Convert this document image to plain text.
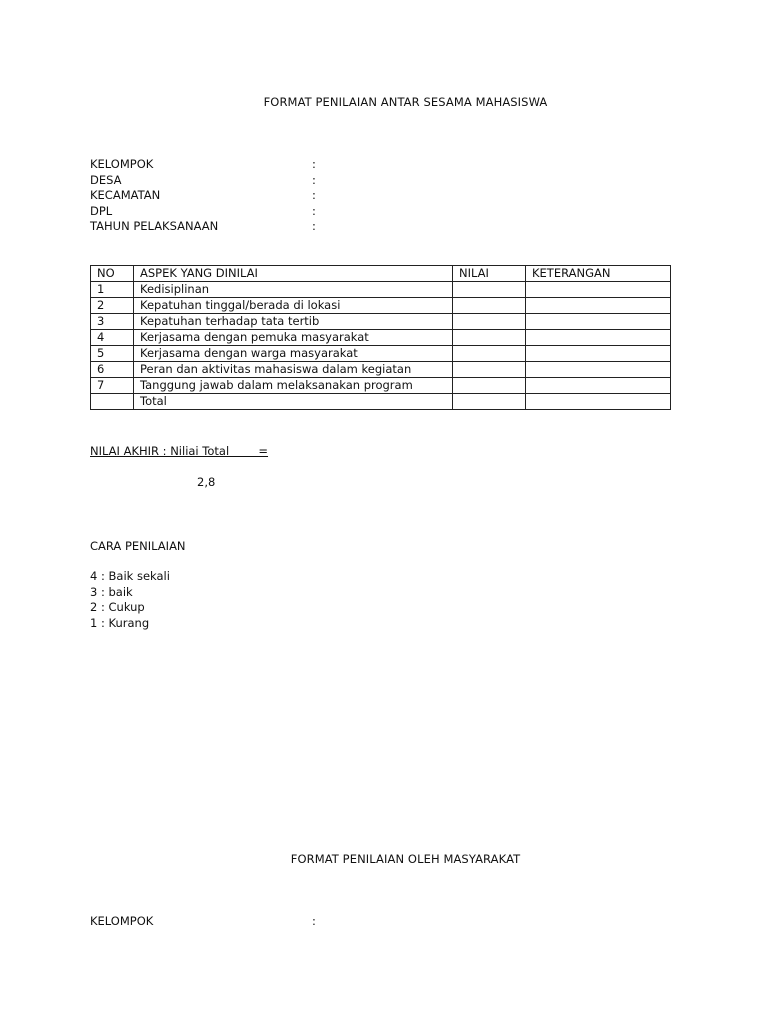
FORMAT PENILAIAN ANTAR SESAMA MAHASISWA
KELOMPOK	:
DESA	:
KECAMATAN	:
DPL	:
TAHUN PELAKSANAAN	:
NO	ASPEK YANG DINILAI	NILAI	KETERANGAN
1	Kedisiplinan		
2	Kepatuhan tinggal/berada di lokasi		
3	Kepatuhan terhadap tata tertib		
4	Kerjasama dengan pemuka masyarakat		
5	Kerjasama dengan warga masyarakat		
6	Peran dan aktivitas mahasiswa dalam kegiatan		
7	Tanggung jawab dalam melaksanakan program		
	Total		
NILAI AKHIR : Niliai Total        =
2,8
CARA PENILAIAN
4 : Baik sekali
3 : baik
2 : Cukup
1 : Kurang
FORMAT PENILAIAN OLEH MASYARAKAT
KELOMPOK	:
